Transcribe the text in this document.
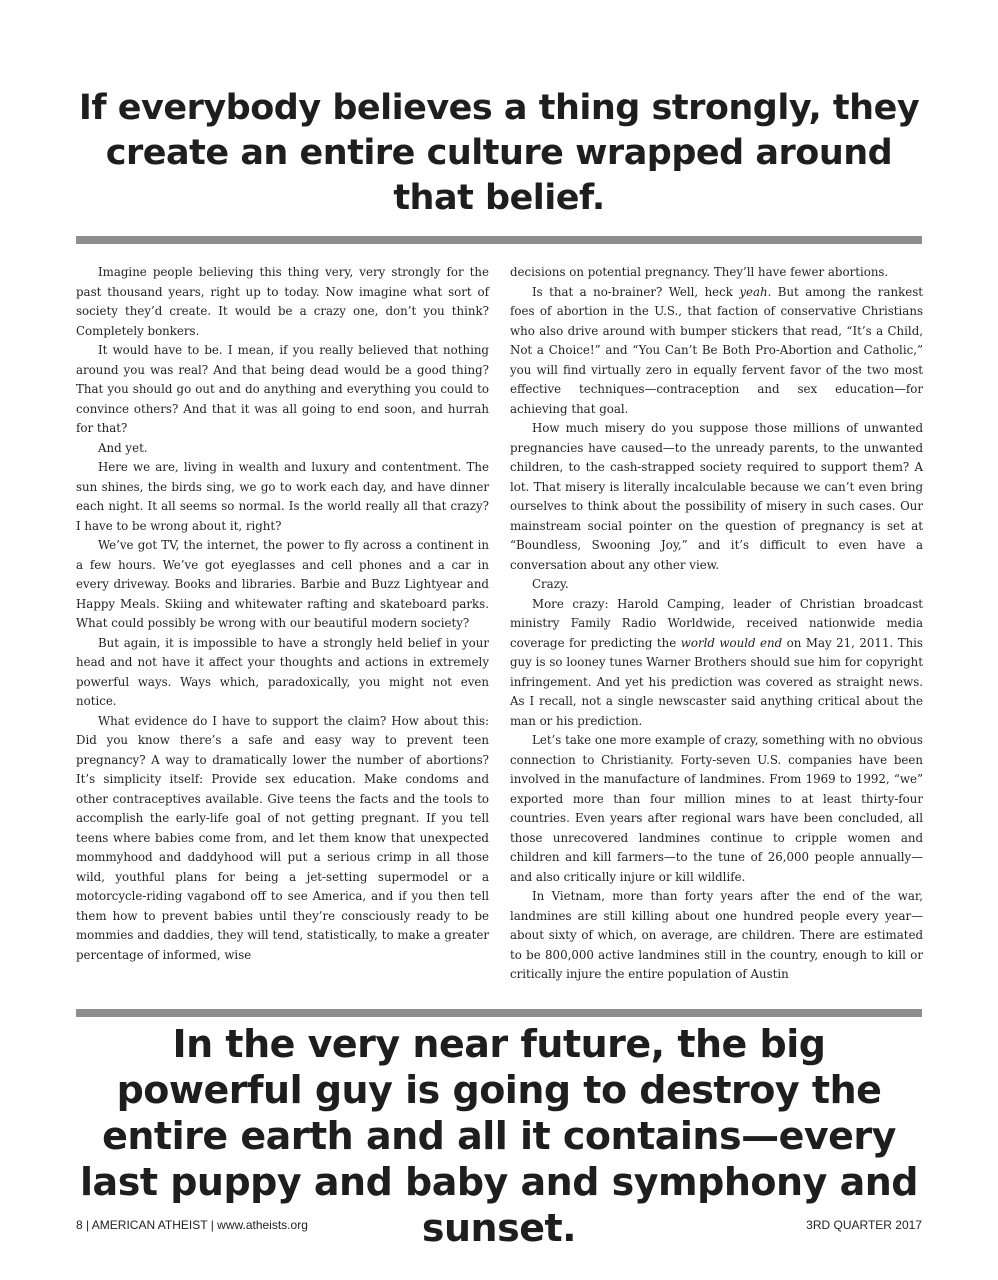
If everybody believes a thing strongly, they create an entire culture wrapped around that belief.

Imagine people believing this thing very, very strongly for the past thousand years, right up to today. Now imagine what sort of society they’d create. It would be a crazy one, don’t you think? Completely bonkers.

It would have to be. I mean, if you really believed that nothing around you was real? And that being dead would be a good thing? That you should go out and do anything and everything you could to convince others? And that it was all going to end soon, and hurrah for that?

And yet.

Here we are, living in wealth and luxury and contentment. The sun shines, the birds sing, we go to work each day, and have dinner each night. It all seems so normal. Is the world really all that crazy? I have to be wrong about it, right?

We’ve got TV, the internet, the power to fly across a continent in a few hours. We’ve got eyeglasses and cell phones and a car in every driveway. Books and libraries. Barbie and Buzz Lightyear and Happy Meals. Skiing and whitewater rafting and skateboard parks. What could possibly be wrong with our beautiful modern society?

But again, it is impossible to have a strongly held belief in your head and not have it affect your thoughts and actions in extremely powerful ways. Ways which, paradoxically, you might not even notice.

What evidence do I have to support the claim? How about this: Did you know there’s a safe and easy way to prevent teen pregnancy? A way to dramatically lower the number of abortions? It’s simplicity itself: Provide sex education. Make condoms and other contraceptives available. Give teens the facts and the tools to accomplish the early-life goal of not getting pregnant. If you tell teens where babies come from, and let them know that unexpected mommyhood and daddyhood will put a serious crimp in all those wild, youthful plans for being a jet-setting supermodel or a motorcycle-riding vagabond off to see America, and if you then tell them how to prevent babies until they’re consciously ready to be mommies and daddies, they will tend, statistically, to make a greater percentage of informed, wise

decisions on potential pregnancy. They’ll have fewer abortions.

Is that a no-brainer? Well, heck yeah. But among the rankest foes of abortion in the U.S., that faction of conservative Christians who also drive around with bumper stickers that read, “It’s a Child, Not a Choice!” and “You Can’t Be Both Pro-Abortion and Catholic,” you will find virtually zero in equally fervent favor of the two most effective techniques—contraception and sex education—for achieving that goal.

How much misery do you suppose those millions of unwanted pregnancies have caused—to the unready parents, to the unwanted children, to the cash-strapped society required to support them? A lot. That misery is literally incalculable because we can’t even bring ourselves to think about the possibility of misery in such cases. Our mainstream social pointer on the question of pregnancy is set at “Boundless, Swooning Joy,” and it’s difficult to even have a conversation about any other view.

Crazy.

More crazy: Harold Camping, leader of Christian broadcast ministry Family Radio Worldwide, received nationwide media coverage for predicting the world would end on May 21, 2011. This guy is so looney tunes Warner Brothers should sue him for copyright infringement. And yet his prediction was covered as straight news. As I recall, not a single newscaster said anything critical about the man or his prediction.

Let’s take one more example of crazy, something with no obvious connection to Christianity. Forty-seven U.S. companies have been involved in the manufacture of landmines. From 1969 to 1992, “we” exported more than four million mines to at least thirty-four countries. Even years after regional wars have been concluded, all those unrecovered landmines continue to cripple women and children and kill farmers—to the tune of 26,000 people annually—and also critically injure or kill wildlife.

In Vietnam, more than forty years after the end of the war, landmines are still killing about one hundred people every year—about sixty of which, on average, are children. There are estimated to be 800,000 active landmines still in the country, enough to kill or critically injure the entire population of Austin

In the very near future, the big powerful guy is going to destroy the entire earth and all it contains—every last puppy and baby and symphony and sunset.
8 | AMERICAN ATHEIST | www.atheists.org	3RD QUARTER 2017
